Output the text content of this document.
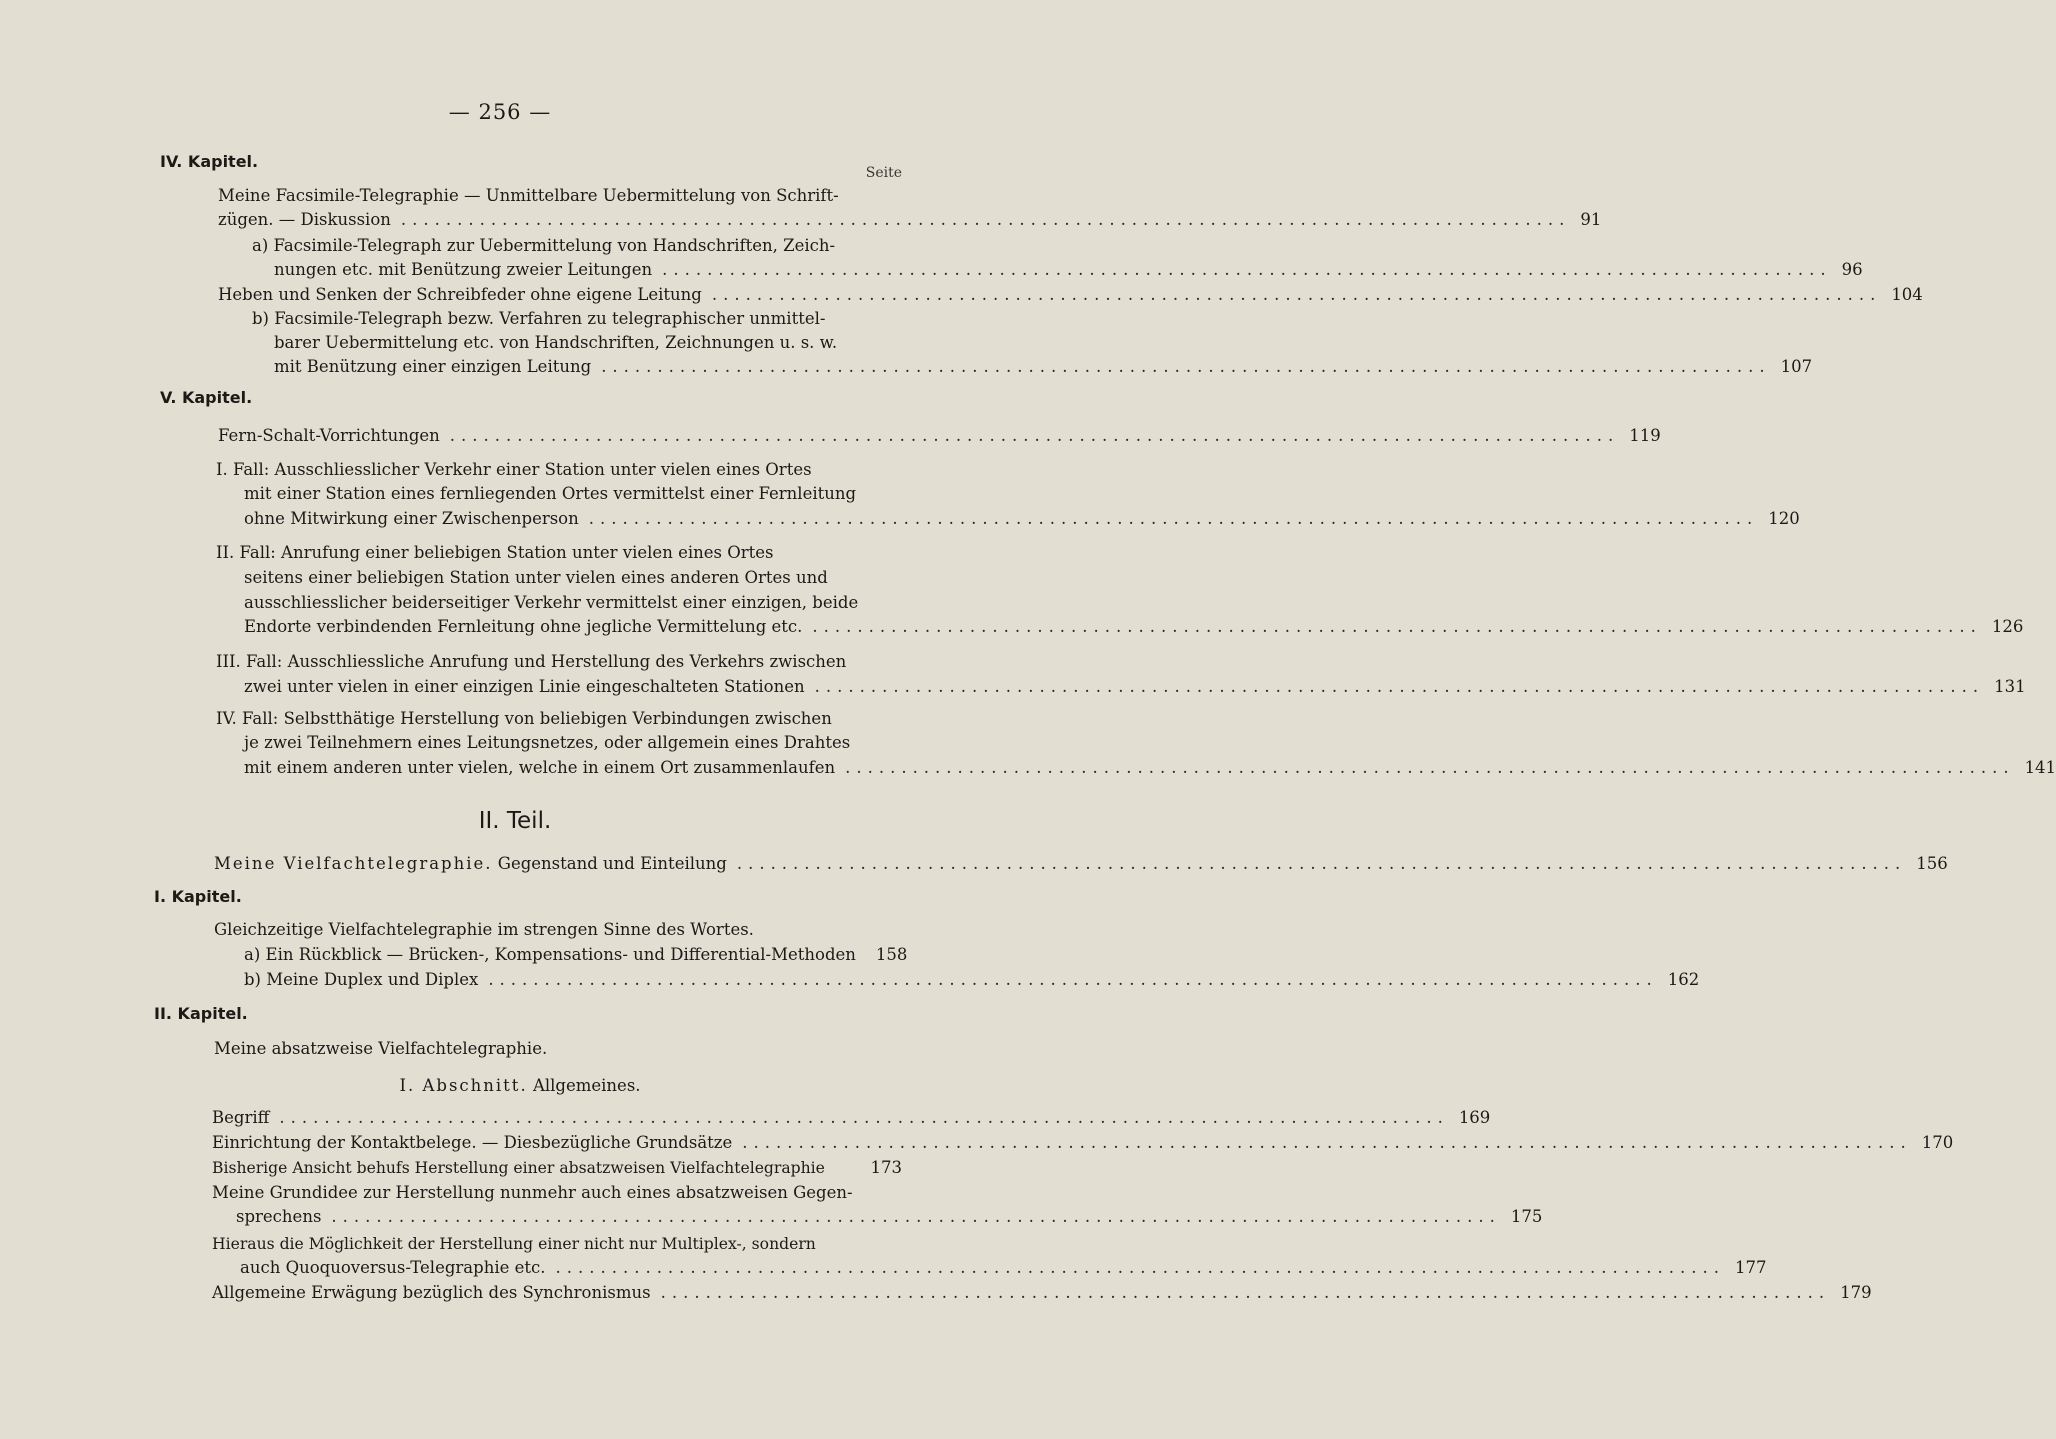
— 256 —
Seite
IV. Kapitel.
Meine Facsimile-Telegraphie — Unmittelbare Uebermittelung von Schrift-
zügen. — Diskussion ........................................................................................................ 91
a) Facsimile-Telegraph zur Uebermittelung von Handschriften, Zeich-
nungen etc. mit Benützung zweier Leitungen ........................................................................................................ 96
Heben und Senken der Schreibfeder ohne eigene Leitung ........................................................................................................ 104
b) Facsimile-Telegraph bezw. Verfahren zu telegraphischer unmittel-
barer Uebermittelung etc. von Handschriften, Zeichnungen u. s. w.
mit Benützung einer einzigen Leitung ........................................................................................................ 107
V. Kapitel.
Fern-Schalt-Vorrichtungen ........................................................................................................ 119
I. Fall: Ausschliesslicher Verkehr einer Station unter vielen eines Ortes
mit einer Station eines fernliegenden Ortes vermittelst einer Fernleitung
ohne Mitwirkung einer Zwischenperson ........................................................................................................ 120
II. Fall: Anrufung einer beliebigen Station unter vielen eines Ortes
seitens einer beliebigen Station unter vielen eines anderen Ortes und
ausschliesslicher beiderseitiger Verkehr vermittelst einer einzigen, beide
Endorte verbindenden Fernleitung ohne jegliche Vermittelung etc. ........................................................................................................ 126
III. Fall: Ausschliessliche Anrufung und Herstellung des Verkehrs zwischen
zwei unter vielen in einer einzigen Linie eingeschalteten Stationen ........................................................................................................ 131
IV. Fall: Selbstthätige Herstellung von beliebigen Verbindungen zwischen
je zwei Teilnehmern eines Leitungsnetzes, oder allgemein eines Drahtes
mit einem anderen unter vielen, welche in einem Ort zusammenlaufen ........................................................................................................ 141
II. Teil.
Meine Vielfachtelegraphie. Gegenstand und Einteilung ........................................................................................................ 156
I. Kapitel.
Gleichzeitige Vielfachtelegraphie im strengen Sinne des Wortes.
a) Ein Rückblick — Brücken-, Kompensations- und Differential-Methoden 158
b) Meine Duplex und Diplex ........................................................................................................ 162
II. Kapitel.
Meine absatzweise Vielfachtelegraphie.
I. Abschnitt. Allgemeines.
Begriff ........................................................................................................ 169
Einrichtung der Kontaktbelege. — Diesbezügliche Grundsätze ........................................................................................................ 170
Bisherige Ansicht behufs Herstellung einer absatzweisen Vielfachtelegraphie	173
Meine Grundidee zur Herstellung nunmehr auch eines absatzweisen Gegen-
sprechens ........................................................................................................ 175
Hieraus die Möglichkeit der Herstellung einer nicht nur Multiplex-, sondern
auch Quoquoversus-Telegraphie etc. ........................................................................................................ 177
Allgemeine Erwägung bezüglich des Synchronismus ........................................................................................................ 179
